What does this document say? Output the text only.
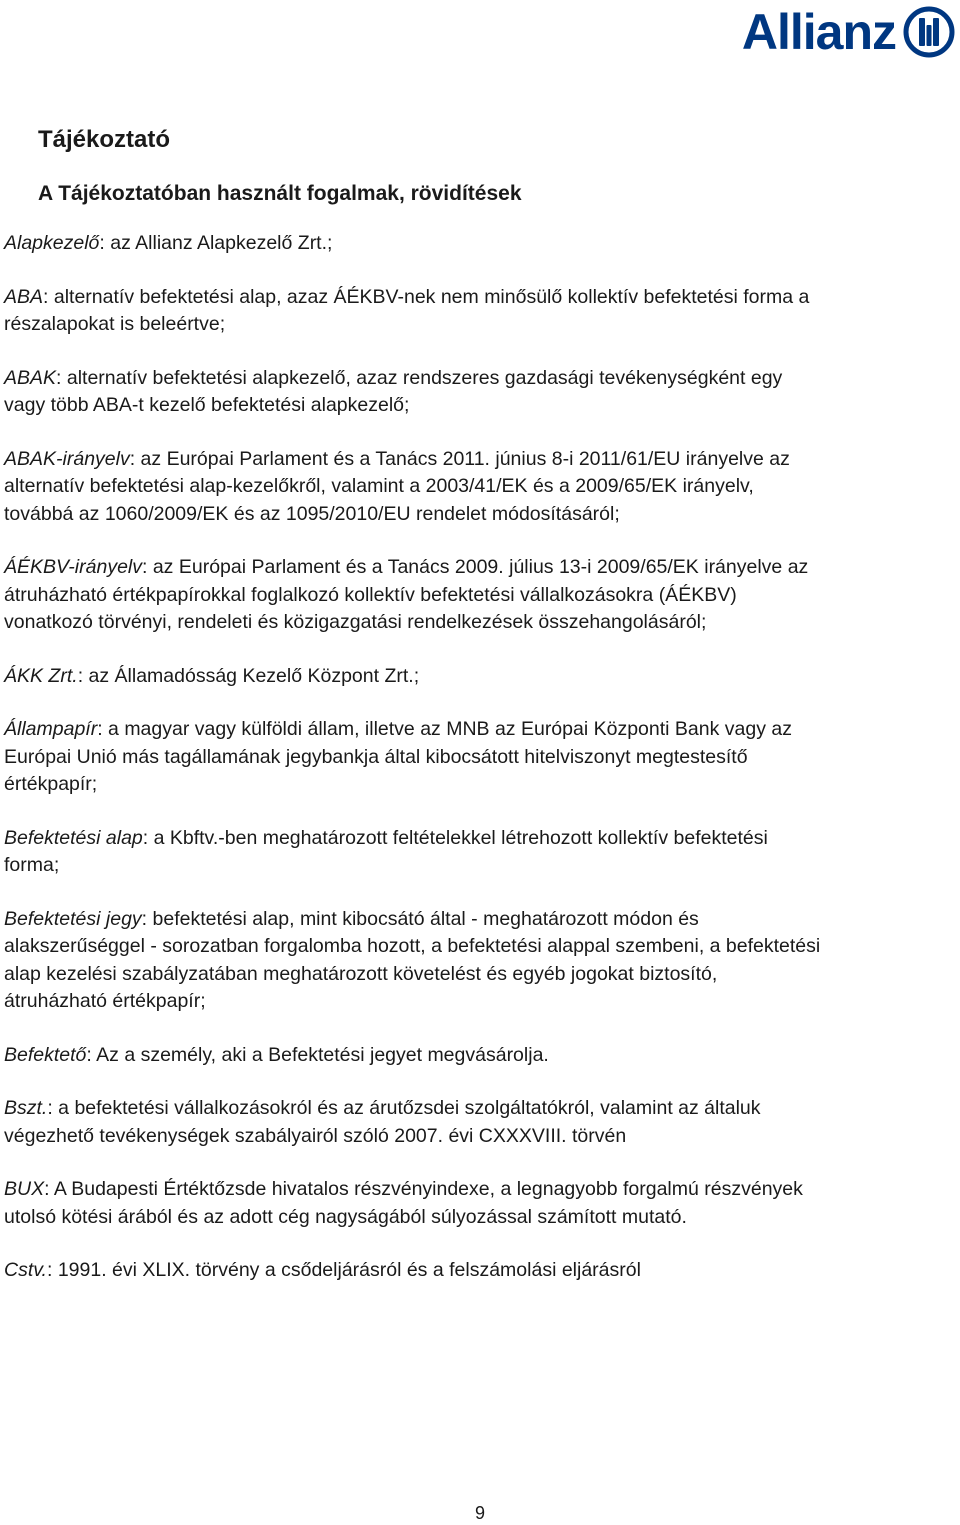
Allianz
Tájékoztató
A Tájékoztatóban használt fogalmak, rövidítések

Alapkezelő: az Allianz Alapkezelő Zrt.;

ABA: alternatív befektetési alap, azaz ÁÉKBV-nek nem minősülő kollektív befektetési forma a részalapokat is beleértve;

ABAK: alternatív befektetési alapkezelő, azaz rendszeres gazdasági tevékenységként egy vagy több ABA-t kezelő befektetési alapkezelő;

ABAK-irányelv: az Európai Parlament és a Tanács 2011. június 8-i 2011/61/EU irányelve az alternatív befektetési alap-kezelőkről, valamint a 2003/41/EK és a 2009/65/EK irányelv, továbbá az 1060/2009/EK és az 1095/2010/EU rendelet módosításáról;

ÁÉKBV-irányelv: az Európai Parlament és a Tanács 2009. július 13-i 2009/65/EK irányelve az átruházható értékpapírokkal foglalkozó kollektív befektetési vállalkozásokra (ÁÉKBV) vonatkozó törvényi, rendeleti és közigazgatási rendelkezések összehangolásáról;

ÁKK Zrt.: az Államadósság Kezelő Központ Zrt.;

Állampapír: a magyar vagy külföldi állam, illetve az MNB az Európai Központi Bank vagy az Európai Unió más tagállamának jegybankja által kibocsátott hitelviszonyt megtestesítő értékpapír;

Befektetési alap: a Kbftv.-ben meghatározott feltételekkel létrehozott kollektív befektetési forma;

Befektetési jegy: befektetési alap, mint kibocsátó által - meghatározott módon és alakszerűséggel - sorozatban forgalomba hozott, a befektetési alappal szembeni, a befektetési alap kezelési szabályzatában meghatározott követelést és egyéb jogokat biztosító, átruházható értékpapír;

Befektető: Az a személy, aki a Befektetési jegyet megvásárolja.

Bszt.: a befektetési vállalkozásokról és az árutőzsdei szolgáltatókról, valamint az általuk végezhető tevékenységek szabályairól szóló 2007. évi CXXXVIII. törvén

BUX: A Budapesti Értéktőzsde hivatalos részvényindexe, a legnagyobb forgalmú részvények utolsó kötési árából és az adott cég nagyságából súlyozással számított mutató.

Cstv.: 1991. évi XLIX. törvény a csődeljárásról és a felszámolási eljárásról

9
